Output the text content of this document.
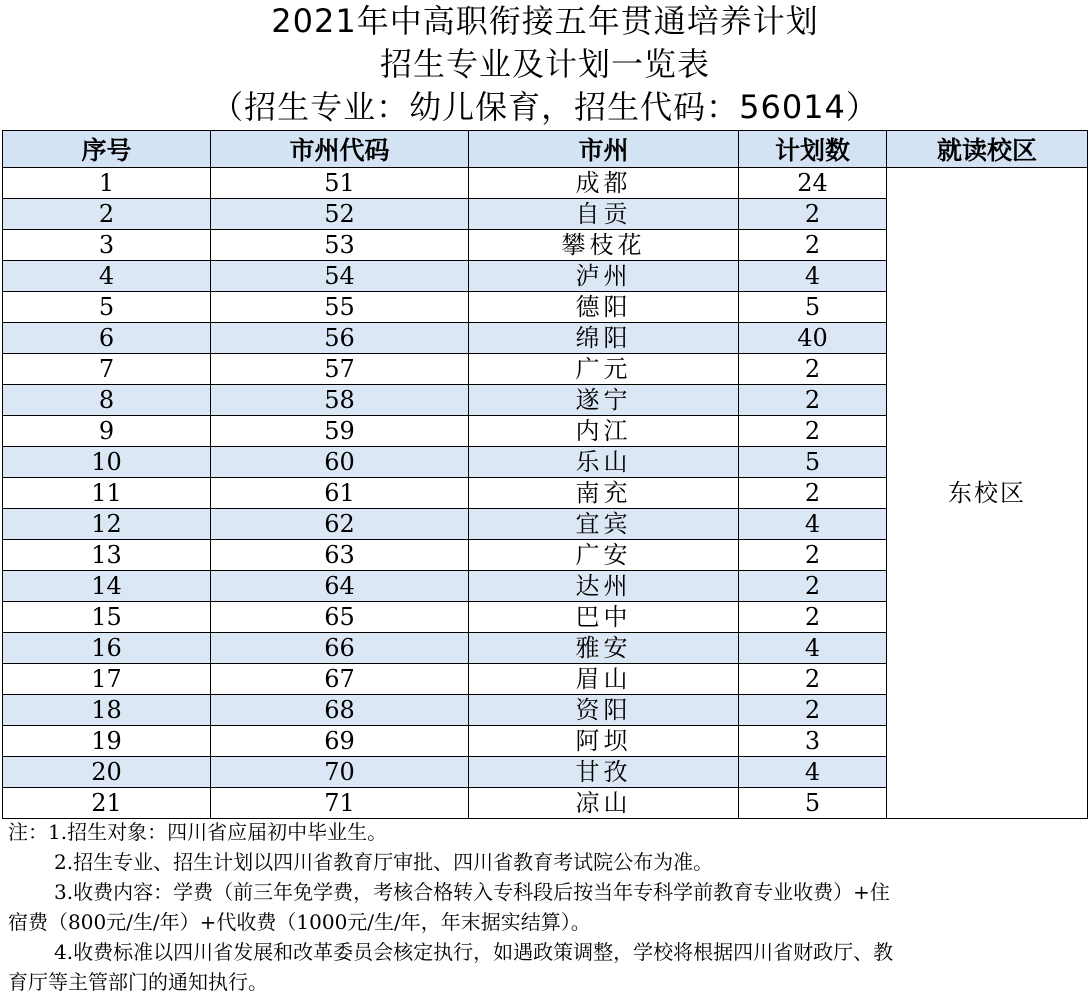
2021年中高职衔接五年贯通培养计划
招生专业及计划一览表
（招生专业：幼儿保育，招生代码：56014）
序号	市州代码	市州	计划数	就读校区
1	51	成都	24	东校区
2	52	自贡	2	
3	53	攀枝花	2	
4	54	泸州	4	
5	55	德阳	5	
6	56	绵阳	40	
7	57	广元	2	
8	58	遂宁	2	
9	59	内江	2	
10	60	乐山	5	
11	61	南充	2	
12	62	宜宾	4	
13	63	广安	2	
14	64	达州	2	
15	65	巴中	2	
16	66	雅安	4	
17	67	眉山	2	
18	68	资阳	2	
19	69	阿坝	3	
20	70	甘孜	4	
21	71	凉山	5	

注：1.招生对象：四川省应届初中毕业生。

2.招生专业、招生计划以四川省教育厅审批、四川省教育考试院公布为准。

3.收费内容：学费（前三年免学费，考核合格转入专科段后按当年专科学前教育专业收费）+住

宿费（800元/生/年）+代收费（1000元/生/年，年末据实结算）。

4.收费标准以四川省发展和改革委员会核定执行，如遇政策调整，学校将根据四川省财政厅、教

育厅等主管部门的通知执行。
